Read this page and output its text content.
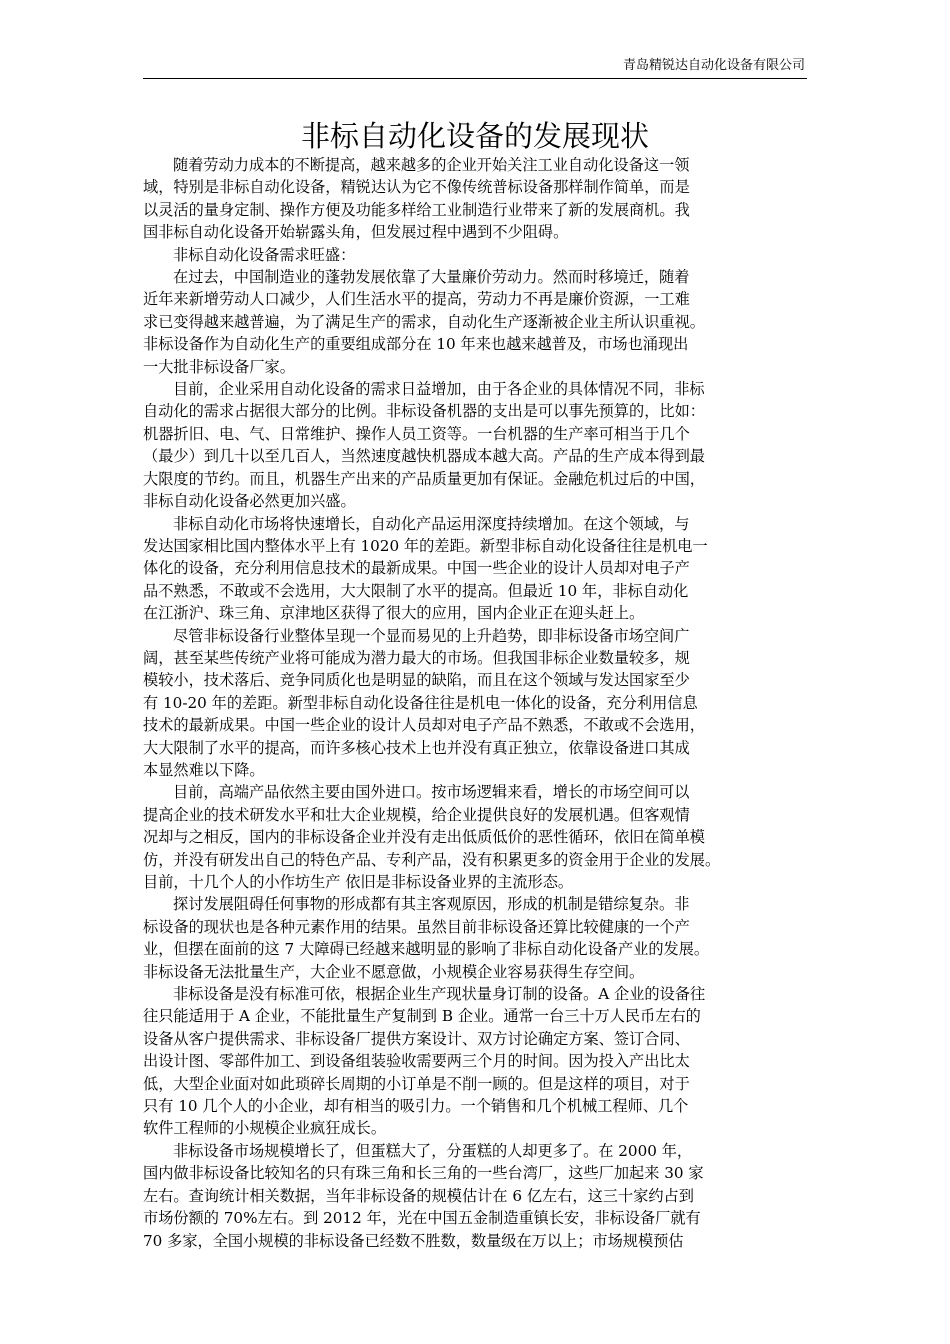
青岛精锐达自动化设备有限公司
非标自动化设备的发展现状
随着劳动力成本的不断提高，越来越多的企业开始关注工业自动化设备这一领
域，特别是非标自动化设备，精锐达认为它不像传统普标设备那样制作简单，而是
以灵活的量身定制、操作方便及功能多样给工业制造行业带来了新的发展商机。我
国非标自动化设备开始崭露头角，但发展过程中遇到不少阻碍。
非标自动化设备需求旺盛：
在过去，中国制造业的蓬勃发展依靠了大量廉价劳动力。然而时移境迁，随着
近年来新增劳动人口减少，人们生活水平的提高，劳动力不再是廉价资源，一工难
求已变得越来越普遍，为了满足生产的需求，自动化生产逐渐被企业主所认识重视。
非标设备作为自动化生产的重要组成部分在 10 年来也越来越普及，市场也涌现出
一大批非标设备厂家。
目前，企业采用自动化设备的需求日益增加，由于各企业的具体情况不同，非标
自动化的需求占据很大部分的比例。非标设备机器的支出是可以事先预算的，比如：
机器折旧、电、气、日常维护、操作人员工资等。一台机器的生产率可相当于几个
（最少）到几十以至几百人，当然速度越快机器成本越大高。产品的生产成本得到最
大限度的节约。而且，机器生产出来的产品质量更加有保证。金融危机过后的中国，
非标自动化设备必然更加兴盛。
非标自动化市场将快速增长，自动化产品运用深度持续增加。在这个领域，与
发达国家相比国内整体水平上有 1020 年的差距。新型非标自动化设备往往是机电一
体化的设备，充分利用信息技术的最新成果。中国一些企业的设计人员却对电子产
品不熟悉，不敢或不会选用，大大限制了水平的提高。但最近 10 年，非标自动化
在江浙沪、珠三角、京津地区获得了很大的应用，国内企业正在迎头赶上。
尽管非标设备行业整体呈现一个显而易见的上升趋势，即非标设备市场空间广
阔，甚至某些传统产业将可能成为潜力最大的市场。但我国非标企业数量较多，规
模较小，技术落后、竞争同质化也是明显的缺陷，而且在这个领域与发达国家至少
有 10-20 年的差距。新型非标自动化设备往往是机电一体化的设备，充分利用信息
技术的最新成果。中国一些企业的设计人员却对电子产品不熟悉，不敢或不会选用，
大大限制了水平的提高，而许多核心技术上也并没有真正独立，依靠设备进口其成
本显然难以下降。
目前，高端产品依然主要由国外进口。按市场逻辑来看，增长的市场空间可以
提高企业的技术研发水平和壮大企业规模，给企业提供良好的发展机遇。但客观情
况却与之相反，国内的非标设备企业并没有走出低质低价的恶性循环，依旧在简单模
仿，并没有研发出自己的特色产品、专利产品，没有积累更多的资金用于企业的发展。
目前，十几个人的小作坊生产 依旧是非标设备业界的主流形态。
探讨发展阻碍任何事物的形成都有其主客观原因，形成的机制是错综复杂。非
标设备的现状也是各种元素作用的结果。虽然目前非标设备还算比较健康的一个产
业，但摆在面前的这 7 大障碍已经越来越明显的影响了非标自动化设备产业的发展。
非标设备无法批量生产，大企业不愿意做，小规模企业容易获得生存空间。
非标设备是没有标准可依，根据企业生产现状量身订制的设备。A 企业的设备往
往只能适用于 A 企业，不能批量生产复制到 B 企业。通常一台三十万人民币左右的
设备从客户提供需求、非标设备厂提供方案设计、双方讨论确定方案、签订合同、
出设计图、零部件加工、到设备组装验收需要两三个月的时间。因为投入产出比太
低，大型企业面对如此琐碎长周期的小订单是不削一顾的。但是这样的项目，对于
只有 10 几个人的小企业，却有相当的吸引力。一个销售和几个机械工程师、几个
软件工程师的小规模企业疯狂成长。
非标设备市场规模增长了，但蛋糕大了，分蛋糕的人却更多了。在 2000 年，
国内做非标设备比较知名的只有珠三角和长三角的一些台湾厂，这些厂加起来 30 家
左右。查询统计相关数据，当年非标设备的规模估计在 6 亿左右，这三十家约占到
市场份额的 70%左右。到 2012 年，光在中国五金制造重镇长安，非标设备厂就有
70 多家，全国小规模的非标设备已经数不胜数，数量级在万以上；市场规模预估
